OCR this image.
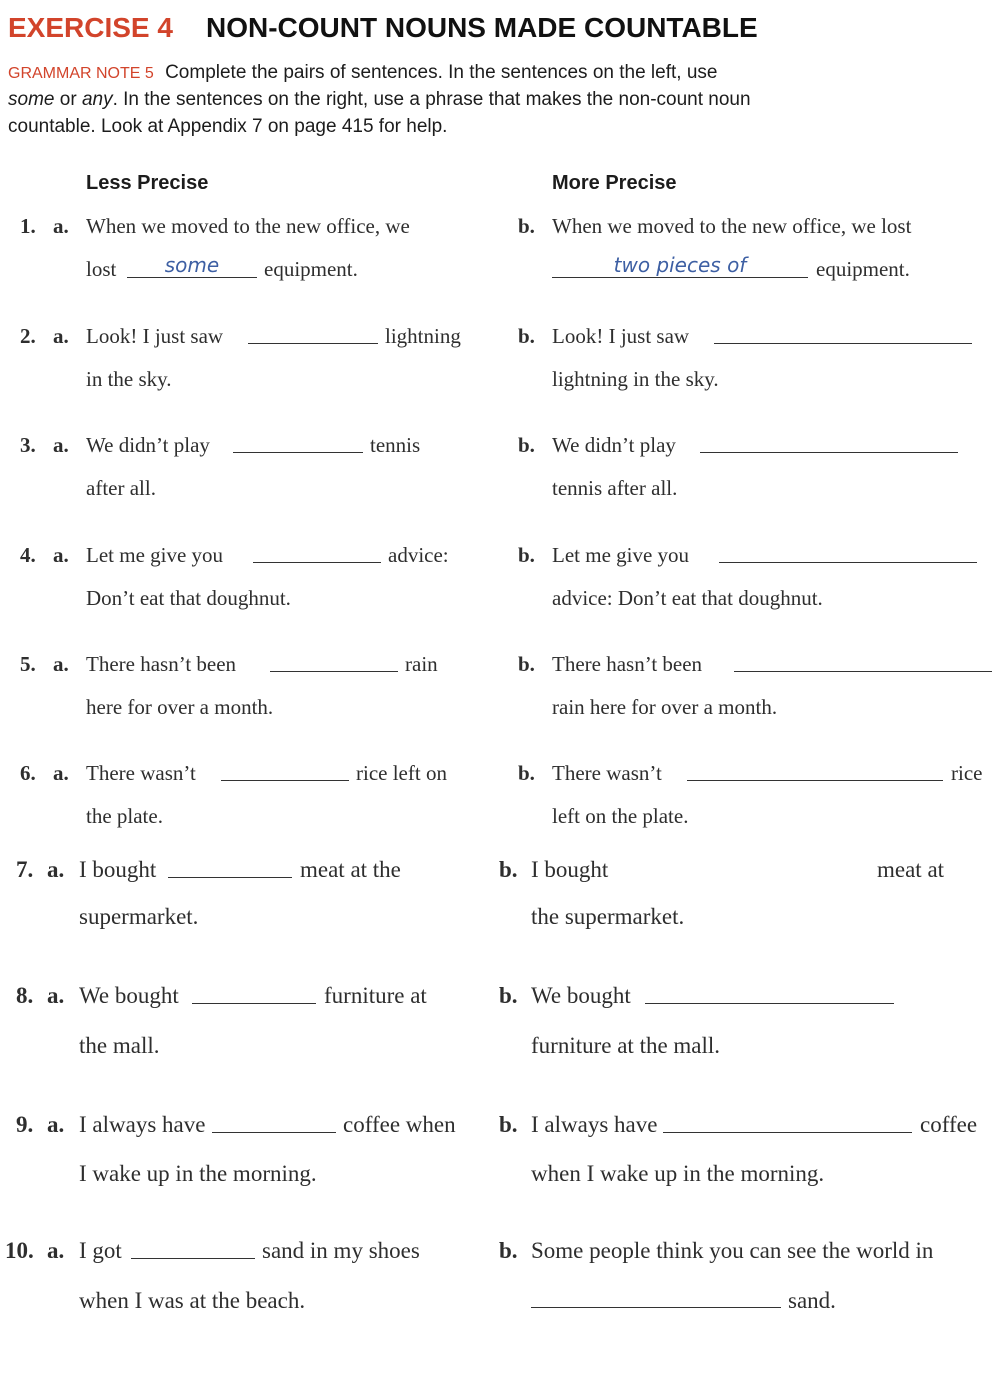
EXERCISE 4 NON-COUNT NOUNS MADE COUNTABLE
GRAMMAR NOTE 5 Complete the pairs of sentences. In the sentences on the left, use
some or any. In the sentences on the right, use a phrase that makes the non-count noun
countable. Look at Appendix 7 on page 415 for help.
Less Precise	More Precise
1. a. When we moved to the new office, we
lost	some	equipment.
b. When we moved to the new office, we lost
two pieces of	equipment.
2. a. Look! I just saw	lightning
in the sky.
b. Look! I just saw
lightning in the sky.
3. a. We didn’t play	tennis
after all.
b. We didn’t play
tennis after all.
4. a. Let me give you	advice:
Don’t eat that doughnut.
b. Let me give you
advice: Don’t eat that doughnut.
5. a. There hasn’t been	rain
here for over a month.
b. There hasn’t been
rain here for over a month.
6. a. There wasn’t	rice left on
the plate.
b. There wasn’t	rice
left on the plate.
7. a. I bought	meat at the
supermarket.
b. I bought	meat at
the supermarket.
8. a. We bought	furniture at
the mall.
b. We bought
furniture at the mall.
9. a. I always have	coffee when
I wake up in the morning.
b. I always have	coffee
when I wake up in the morning.
10. a. I got	sand in my shoes
when I was at the beach.
b. Some people think you can see the world in
sand.
